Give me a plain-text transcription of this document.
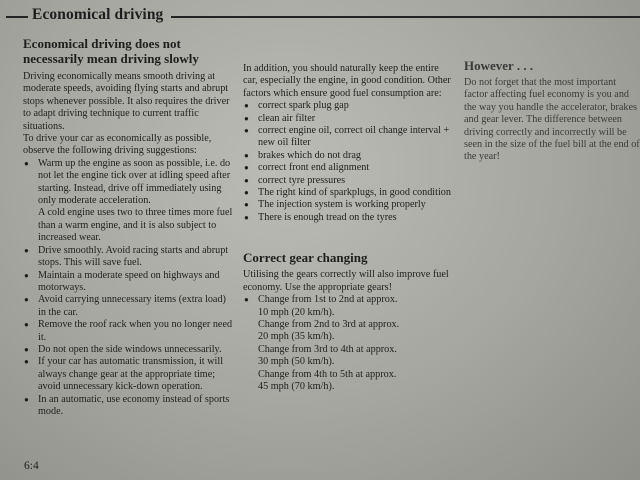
Economical driving
Economical driving does not necessarily mean driving slowly

Driving economically means smooth driving at moderate speeds, avoiding flying starts and abrupt stops whenever possible. It also requires the driver to adapt driving technique to current traffic situations.

To drive your car as economically as possible, observe the following driving suggestions:

● Warm up the engine as soon as possible, i.e. do not let the engine tick over at idling speed after starting. Instead, drive off immediately using only moderate acceleration.
A cold engine uses two to three times more fuel than a warm engine, and it is also subject to increased wear.
● Drive smoothly. Avoid racing starts and abrupt stops. This will save fuel.
● Maintain a moderate speed on highways and motorways.
● Avoid carrying unnecessary items (extra load) in the car.
● Remove the roof rack when you no longer need it.
● Do not open the side windows unnecessarily.
● If your car has automatic transmission, it will always change gear at the appropriate time; avoid unnecessary kick-down operation.
● In an automatic, use economy instead of sports mode.

In addition, you should naturally keep the entire car, especially the engine, in good condition. Other factors which ensure good fuel consumption are:

● correct spark plug gap
● clean air filter
● correct engine oil, correct oil change interval + new oil filter
● brakes which do not drag
● correct front end alignment
● correct tyre pressures
● The right kind of sparkplugs, in good condition
● The injection system is working properly
● There is enough tread on the tyres
Correct gear changing

Utilising the gears correctly will also improve fuel economy. Use the appropriate gears!

● Change from 1st to 2nd at approx.
10 mph (20 km/h).
Change from 2nd to 3rd at approx.
20 mph (35 km/h).
Change from 3rd to 4th at approx.
30 mph (50 km/h).
Change from 4th to 5th at approx.
45 mph (70 km/h).
However . . .

Do not forget that the most important factor affecting fuel economy is you and the way you handle the accelerator, brakes and gear lever. The difference between driving correctly and incorrectly will be seen in the size of the fuel bill at the end of the year!

6:4
